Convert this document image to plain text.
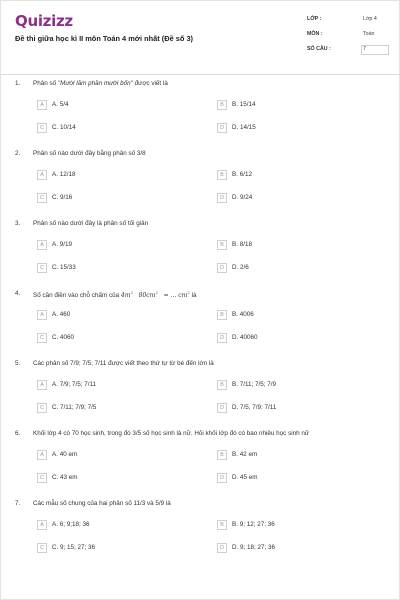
Quizizz
Đề thi giữa học kì II môn Toán 4 mới nhất (Đề số 3)
LỚP :	Lớp 4
MÔN :	Toán
SỐ CÂU :	7
1. Phân số "Mười lăm phần mười bốn" được viết là
A	A. 5/4	B	B. 15/14
C	C. 10/14	D	D. 14/15
2. Phân số nào dưới đây bằng phân số 3/8
A	A. 12/18	B	B. 6/12
C	C. 9/16	D	D. 9/24
3. Phân số nào dưới đây là phân số tối giản
A	A. 9/19	B	B. 8/18
C	C. 15/33	D	D. 2/6
4. Số cần điền vào chỗ chấm của $4m^2$ $80cm^2$ = ... $cm^2$ là
A	A. 460	B	B. 4006
C	C. 4060	D	D. 40060
5. Các phân số 7/9; 7/5; 7/11 được viết theo thứ tự từ bé đến lớn là
A	A. 7/9; 7/5; 7/11	B	B. 7/11; 7/5; 7/9
C	C. 7/11; 7/9; 7/5	D	D. 7/5, 7/9; 7/11
6. Khối lớp 4 có 70 học sinh, trong đó 3/5 số học sinh là nữ. Hỏi khối lớp đó có bao nhiêu học sinh nữ
A	A. 40 em	B	B. 42 em
C	C. 43 em	D	D. 45 em
7. Các mẫu số chung của hai phân số 11/3 và 5/9 là
A	A. 6; 9;18; 36	B	B. 9; 12; 27; 36
C	C. 9; 15; 27; 36	D	D. 9; 18; 27; 36
